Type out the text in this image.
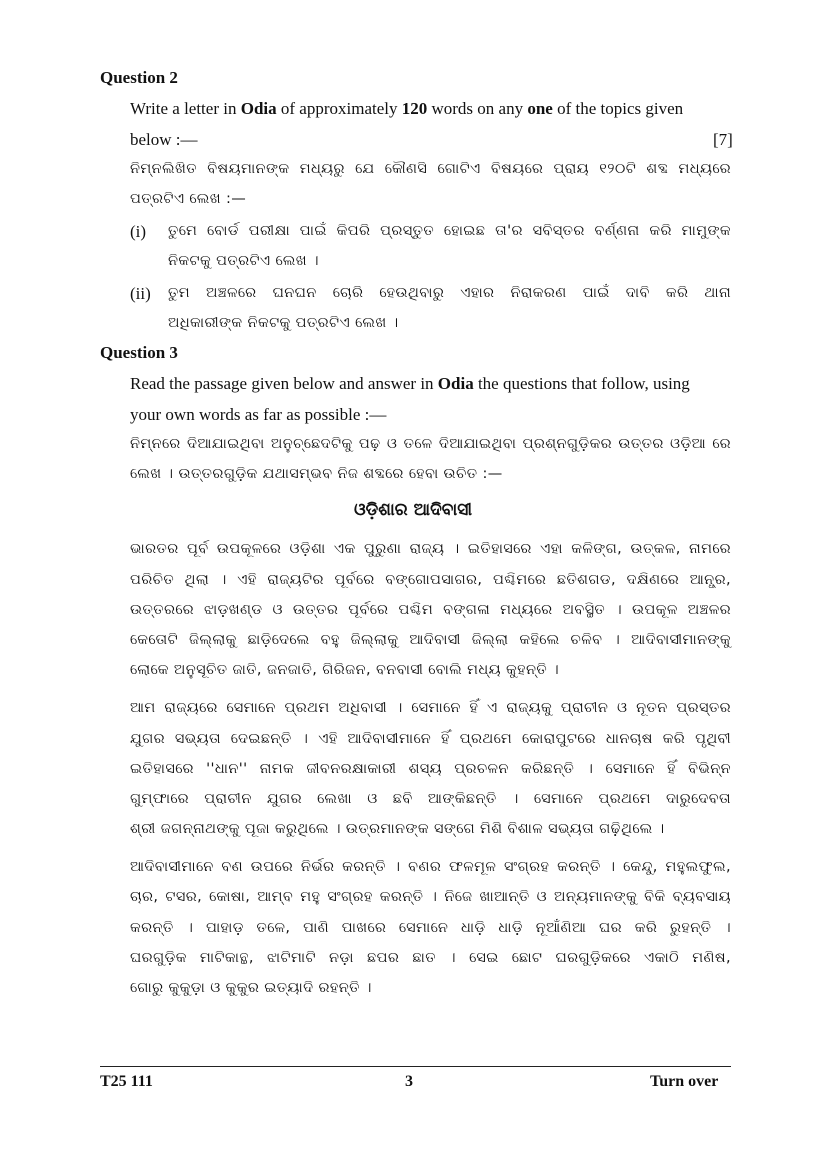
Question 2
Write a letter in Odia of approximately 120 words on any one of the topics given
below :—	[7]
ନିମ୍ନଲିଖିତ ବିଷୟମାନଙ୍କ ମଧ୍ୟରୁ ଯେ କୌଣସି ଗୋଟିଏ ବିଷୟରେ ପ୍ରାୟ ୧୨୦ଟି ଶବ୍ଦ ମଧ୍ୟରେ
ପତ୍ରଟିଏ ଲେଖ :—
(i) ତୁମେ ବୋର୍ଡ ପରୀକ୍ଷା ପାଇଁ କିପରି ପ୍ରସ୍ତୁତ ହୋଇଛ ତା'ର ସବିସ୍ତର ବର୍ଣ୍ଣନା କରି ମାମୁଙ୍କ
ନିକଟକୁ ପତ୍ରଟିଏ ଲେଖ ।
(ii) ତୁମ ଅଞ୍ଚଳରେ ଘନଘନ ଚୋରି ହେଉଥିବାରୁ ଏହାର ନିରାକରଣ ପାଇଁ ଦାବି କରି ଥାନା
ଅଧିକାରୀଙ୍କ ନିକଟକୁ ପତ୍ରଟିଏ ଲେଖ ।
Question 3
Read the passage given below and answer in Odia the questions that follow, using
your own words as far as possible :—
ନିମ୍ନରେ ଦିଆଯାଇଥିବା ଅନୁଚ୍ଛେଦଟିକୁ ପଢ଼ ଓ ତଳେ ଦିଆଯାଇଥିବା ପ୍ରଶ୍ନଗୁଡ଼ିକର ଉତ୍ତର ଓଡ଼ିଆ ରେ
ଲେଖ । ଉତ୍ତରଗୁଡ଼ିକ ଯଥାସମ୍ଭବ ନିଜ ଶବ୍ଦରେ ହେବା ଉଚିତ :—
ଓଡ଼ିଶାର ଆଦିବାସୀ
ଭାରତର ପୂର୍ବ ଉପକୂଳରେ ଓଡ଼ିଶା ଏକ ପୁରୁଣା ରାଜ୍ୟ । ଇତିହାସରେ ଏହା କଳିଙ୍ଗ, ଉତ୍କଳ, ନାମରେ
ପରିଚିତ ଥିଲା । ଏହି ରାଜ୍ୟଟିର ପୂର୍ବରେ ବଙ୍ଗୋପସାଗର, ପଶ୍ଚିମରେ ଛତିଶଗଡ, ଦକ୍ଷିଣରେ ଆନ୍ଧ୍ର,
ଉତ୍ତରରେ ଝାଡ଼ଖଣ୍ଡ ଓ ଉତ୍ତର ପୂର୍ବରେ ପଶ୍ଚିମ ବଙ୍ଗଳା ମଧ୍ୟରେ ଅବସ୍ଥିତ । ଉପକୂଳ ଅଞ୍ଚଳର
କେତୋଟି ଜିଲ୍ଲାକୁ ଛାଡ଼ିଦେଲେ ବହୁ ଜିଲ୍ଲାକୁ ଆଦିବାସୀ ଜିଲ୍ଲା କହିଲେ ଚଳିବ । ଆଦିବାସୀମାନଙ୍କୁ
ଲୋକେ ଅନୁସୂଚିତ ଜାତି, ଜନଜାତି, ଗିରିଜନ, ବନବାସୀ ବୋଲି ମଧ୍ୟ କୁହନ୍ତି ।
ଆମ ରାଜ୍ୟରେ ସେମାନେ ପ୍ରଥମ ଅଧିବାସୀ । ସେମାନେ ହିଁ ଏ ରାଜ୍ୟକୁ ପ୍ରାଚୀନ ଓ ନୂତନ ପ୍ରସ୍ତର
ଯୁଗର ସଭ୍ୟତା ଦେଇଛନ୍ତି । ଏହି ଆଦିବାସୀମାନେ ହିଁ ପ୍ରଥମେ କୋରାପୁଟରେ ଧାନଚାଷ କରି ପୃଥିବୀ
ଇତିହାସରେ ''ଧାନ'' ନାମକ ଜୀବନରକ୍ଷାକାରୀ ଶସ୍ୟ ପ୍ରଚଳନ କରିଛନ୍ତି । ସେମାନେ ହିଁ ବିଭିନ୍ନ
ଗୁମ୍ଫାରେ ପ୍ରାଚୀନ ଯୁଗର ଲେଖା ଓ ଛବି ଆଙ୍କିଛନ୍ତି । ସେମାନେ ପ୍ରଥମେ ଦାରୁଦେବତା
ଶ୍ରୀ ଜଗନ୍ନାଥଙ୍କୁ ପୂଜା କରୁଥିଲେ । ଉତ୍ରମାନଙ୍କ ସଙ୍ଗେ ମିଶି ବିଶାଳ ସଭ୍ୟତା ଗଢ଼ିଥିଲେ ।
ଆଦିବାସୀମାନେ ବଣ ଉପରେ ନିର୍ଭର କରନ୍ତି । ବଣର ଫଳମୂଳ ସଂଗ୍ରହ କରନ୍ତି । କେନ୍ଦୁ, ମହୁଲଫୁଲ,
ଚାର, ଟସର, କୋଷା, ଆମ୍ବ ମହୁ ସଂଗ୍ରହ କରନ୍ତି । ନିଜେ ଖାଆନ୍ତି ଓ ଅନ୍ୟମାନଙ୍କୁ ବିକି ବ୍ୟବସାୟ
କରନ୍ତି । ପାହାଡ଼ ତଳେ, ପାଣି ପାଖରେ ସେମାନେ ଧାଡ଼ି ଧାଡ଼ି ନୂଆଁଣିଆ ଘର କରି ରୁହନ୍ତି ।
ଘରଗୁଡ଼ିକ ମାଟିକାନ୍ଥ, ଝାଟିମାଟି ନଡ଼ା ଛପର ଛାତ । ସେଇ ଛୋଟ ଘରଗୁଡ଼ିକରେ ଏକାଠି ମଣିଷ,
ଗୋରୁ କୁକୁଡ଼ା ଓ କୁକୁର ଇତ୍ୟାଦି ରହନ୍ତି ।
T25 111	3	Turn over
